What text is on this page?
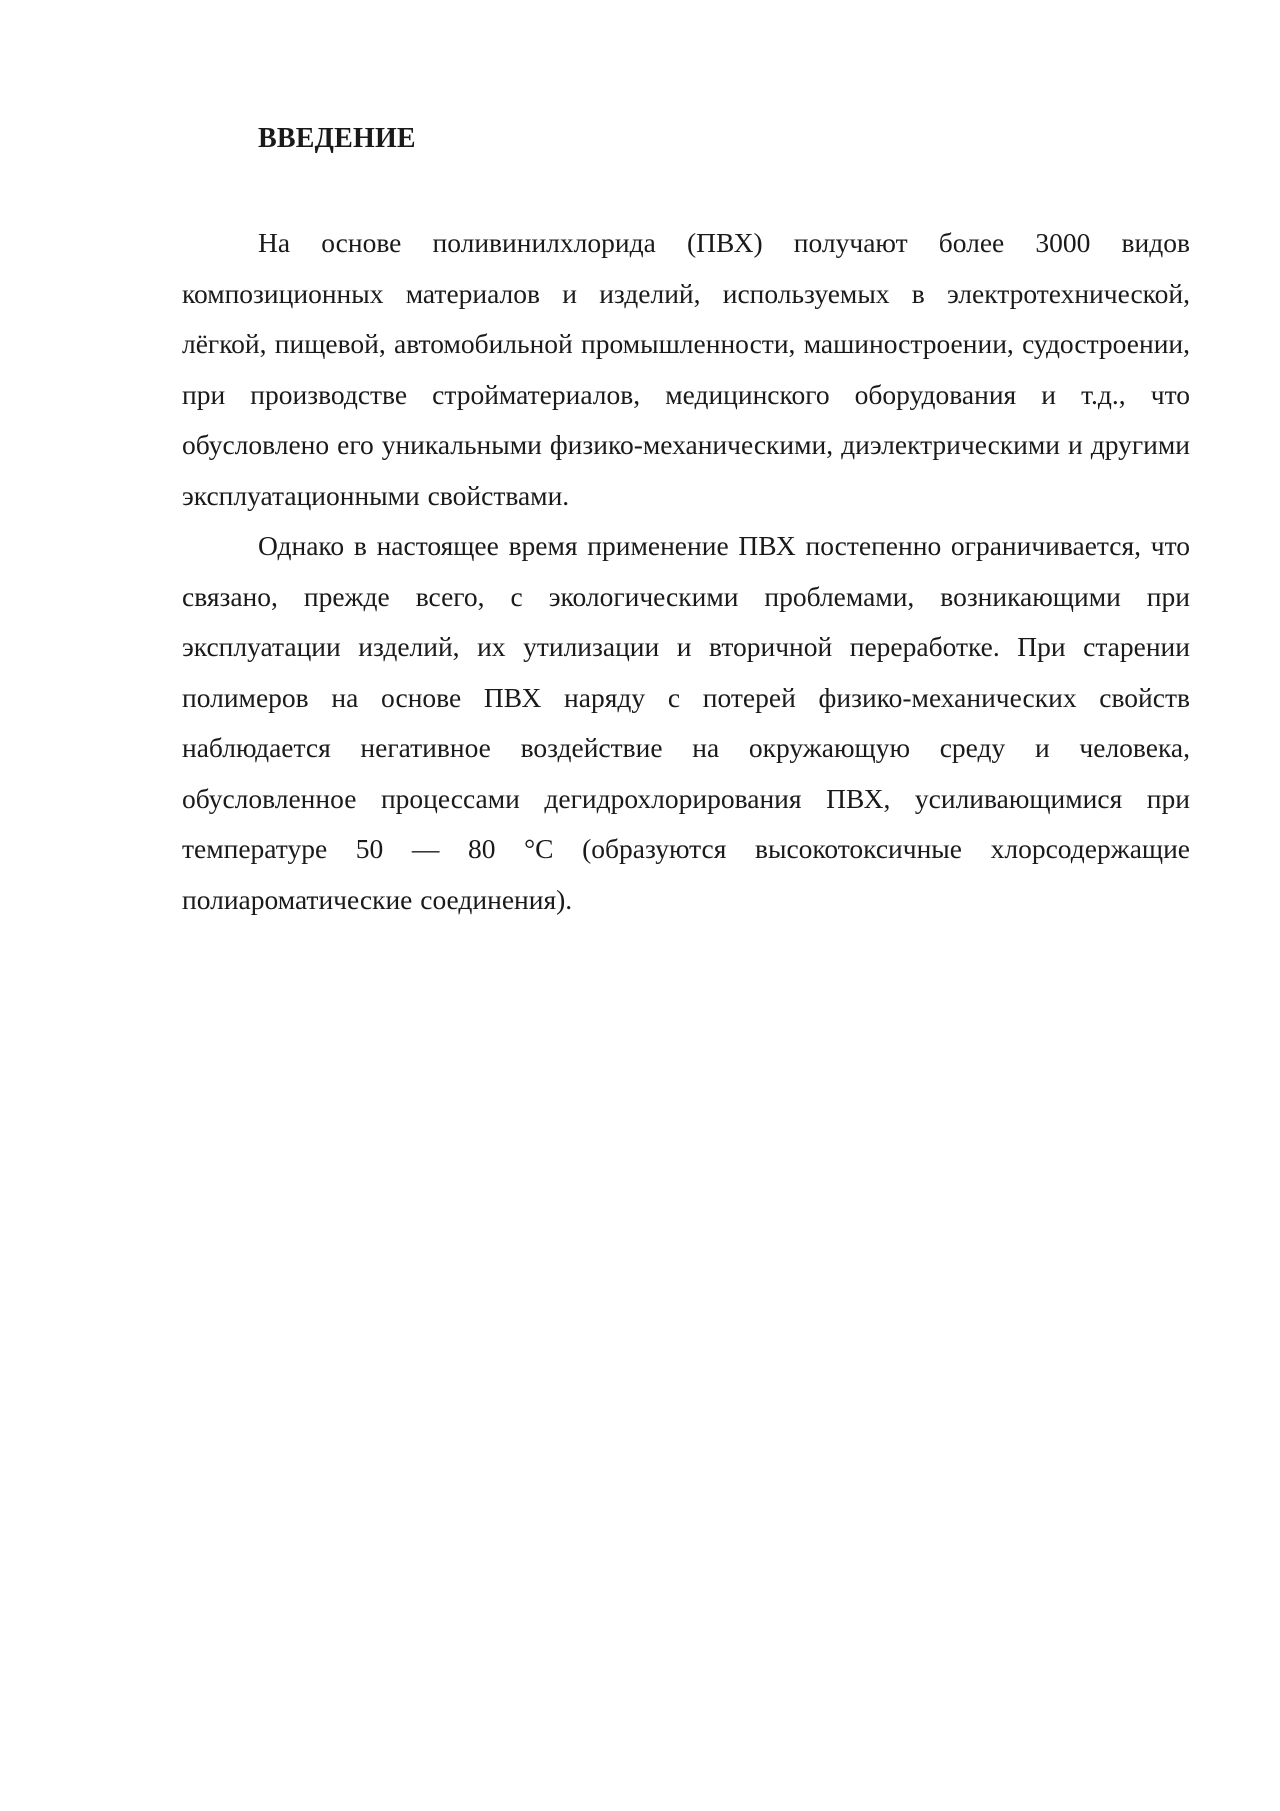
ВВЕДЕНИЕ

На основе поливинилхлорида (ПВХ) получают более 3000 видов композиционных материалов и изделий, используемых в электротехнической, лёгкой, пищевой, автомобильной промышленности, машиностроении, судостроении, при производстве стройматериалов, медицинского оборудования и т.д., что обусловлено его уникальными физико-механическими, диэлектрическими и другими эксплуатационными свойствами.

Однако в настоящее время применение ПВХ постепенно ограничивается, что связано, прежде всего, с экологическими проблемами, возникающими при эксплуатации изделий, их утилизации и вторичной переработке. При старении полимеров на основе ПВХ наряду с потерей физико-механических свойств наблюдается негативное воздействие на окружающую среду и человека, обусловленное процессами дегидрохлорирования ПВХ, усиливающимися при температуре 50 — 80 °С (образуются высокотоксичные хлорсодержащие полиароматические соединения).
